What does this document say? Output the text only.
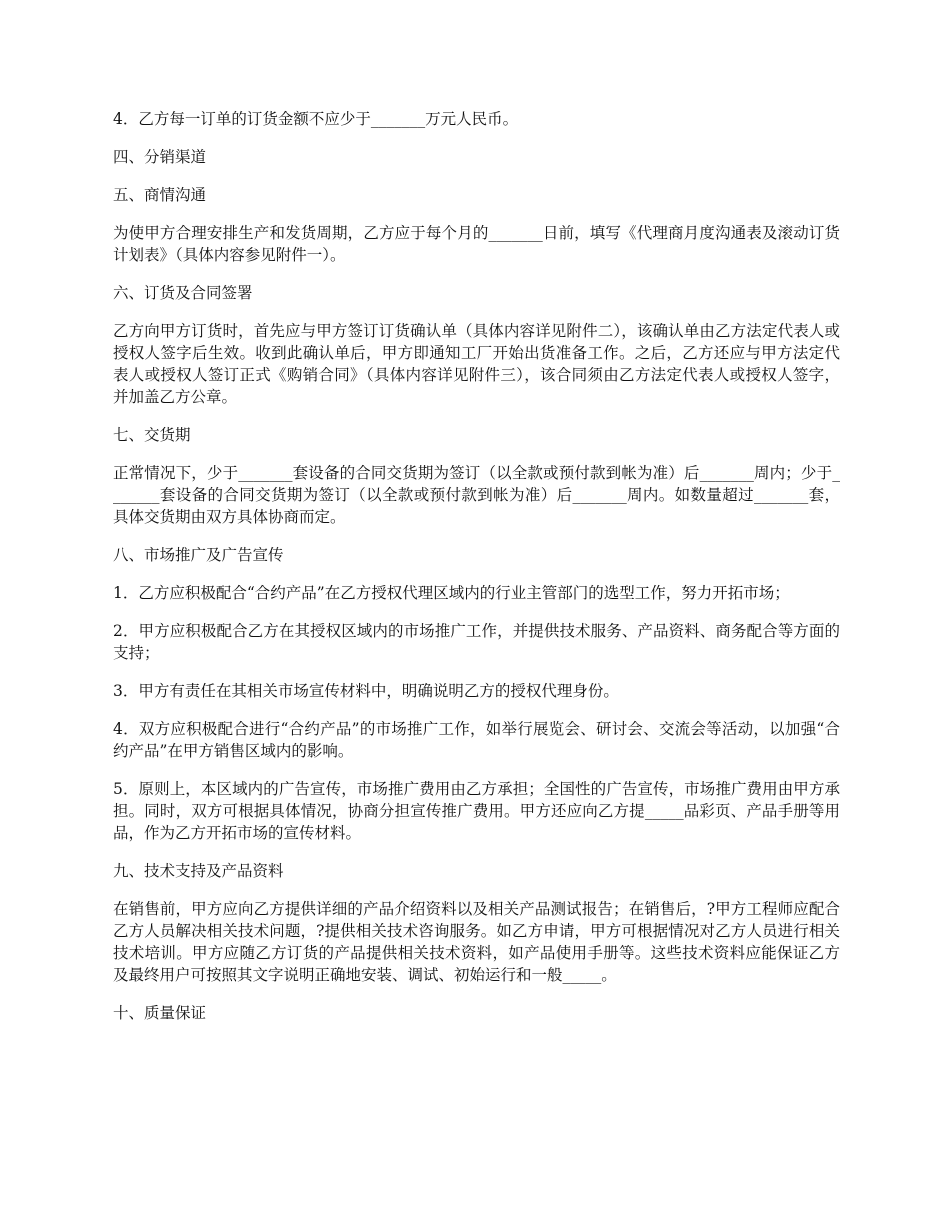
4．乙方每一订单的订货金额不应少于_______万元人民币。

四、分销渠道

五、商情沟通

为使甲方合理安排生产和发货周期，乙方应于每个月的_______日前，填写《代理商月度沟通表及滚动订货计划表》（具体内容参见附件一）。

六、订货及合同签署

乙方向甲方订货时，首先应与甲方签订订货确认单（具体内容详见附件二），该确认单由乙方法定代表人或授权人签字后生效。收到此确认单后，甲方即通知工厂开始出货准备工作。之后，乙方还应与甲方法定代表人或授权人签订正式《购销合同》（具体内容详见附件三），该合同须由乙方法定代表人或授权人签字，并加盖乙方公章。

七、交货期

正常情况下，少于_______套设备的合同交货期为签订（以全款或预付款到帐为准）后_______周内；少于_______套设备的合同交货期为签订（以全款或预付款到帐为准）后_______周内。如数量超过_______套，具体交货期由双方具体协商而定。

八、市场推广及广告宣传

1．乙方应积极配合“合约产品”在乙方授权代理区域内的行业主管部门的选型工作，努力开拓市场；

2．甲方应积极配合乙方在其授权区域内的市场推广工作，并提供技术服务、产品资料、商务配合等方面的支持；

3．甲方有责任在其相关市场宣传材料中，明确说明乙方的授权代理身份。

4．双方应积极配合进行“合约产品”的市场推广工作，如举行展览会、研讨会、交流会等活动，以加强“合约产品”在甲方销售区域内的影响。

5．原则上，本区域内的广告宣传，市场推广费用由乙方承担；全国性的广告宣传，市场推广费用由甲方承担。同时，双方可根据具体情况，协商分担宣传推广费用。甲方还应向乙方提_____品彩页、产品手册等用品，作为乙方开拓市场的宣传材料。

九、技术支持及产品资料

在销售前，甲方应向乙方提供详细的产品介绍资料以及相关产品测试报告；在销售后，?甲方工程师应配合乙方人员解决相关技术问题，?提供相关技术咨询服务。如乙方申请，甲方可根据情况对乙方人员进行相关技术培训。甲方应随乙方订货的产品提供相关技术资料，如产品使用手册等。这些技术资料应能保证乙方及最终用户可按照其文字说明正确地安装、调试、初始运行和一般_____。

十、质量保证
